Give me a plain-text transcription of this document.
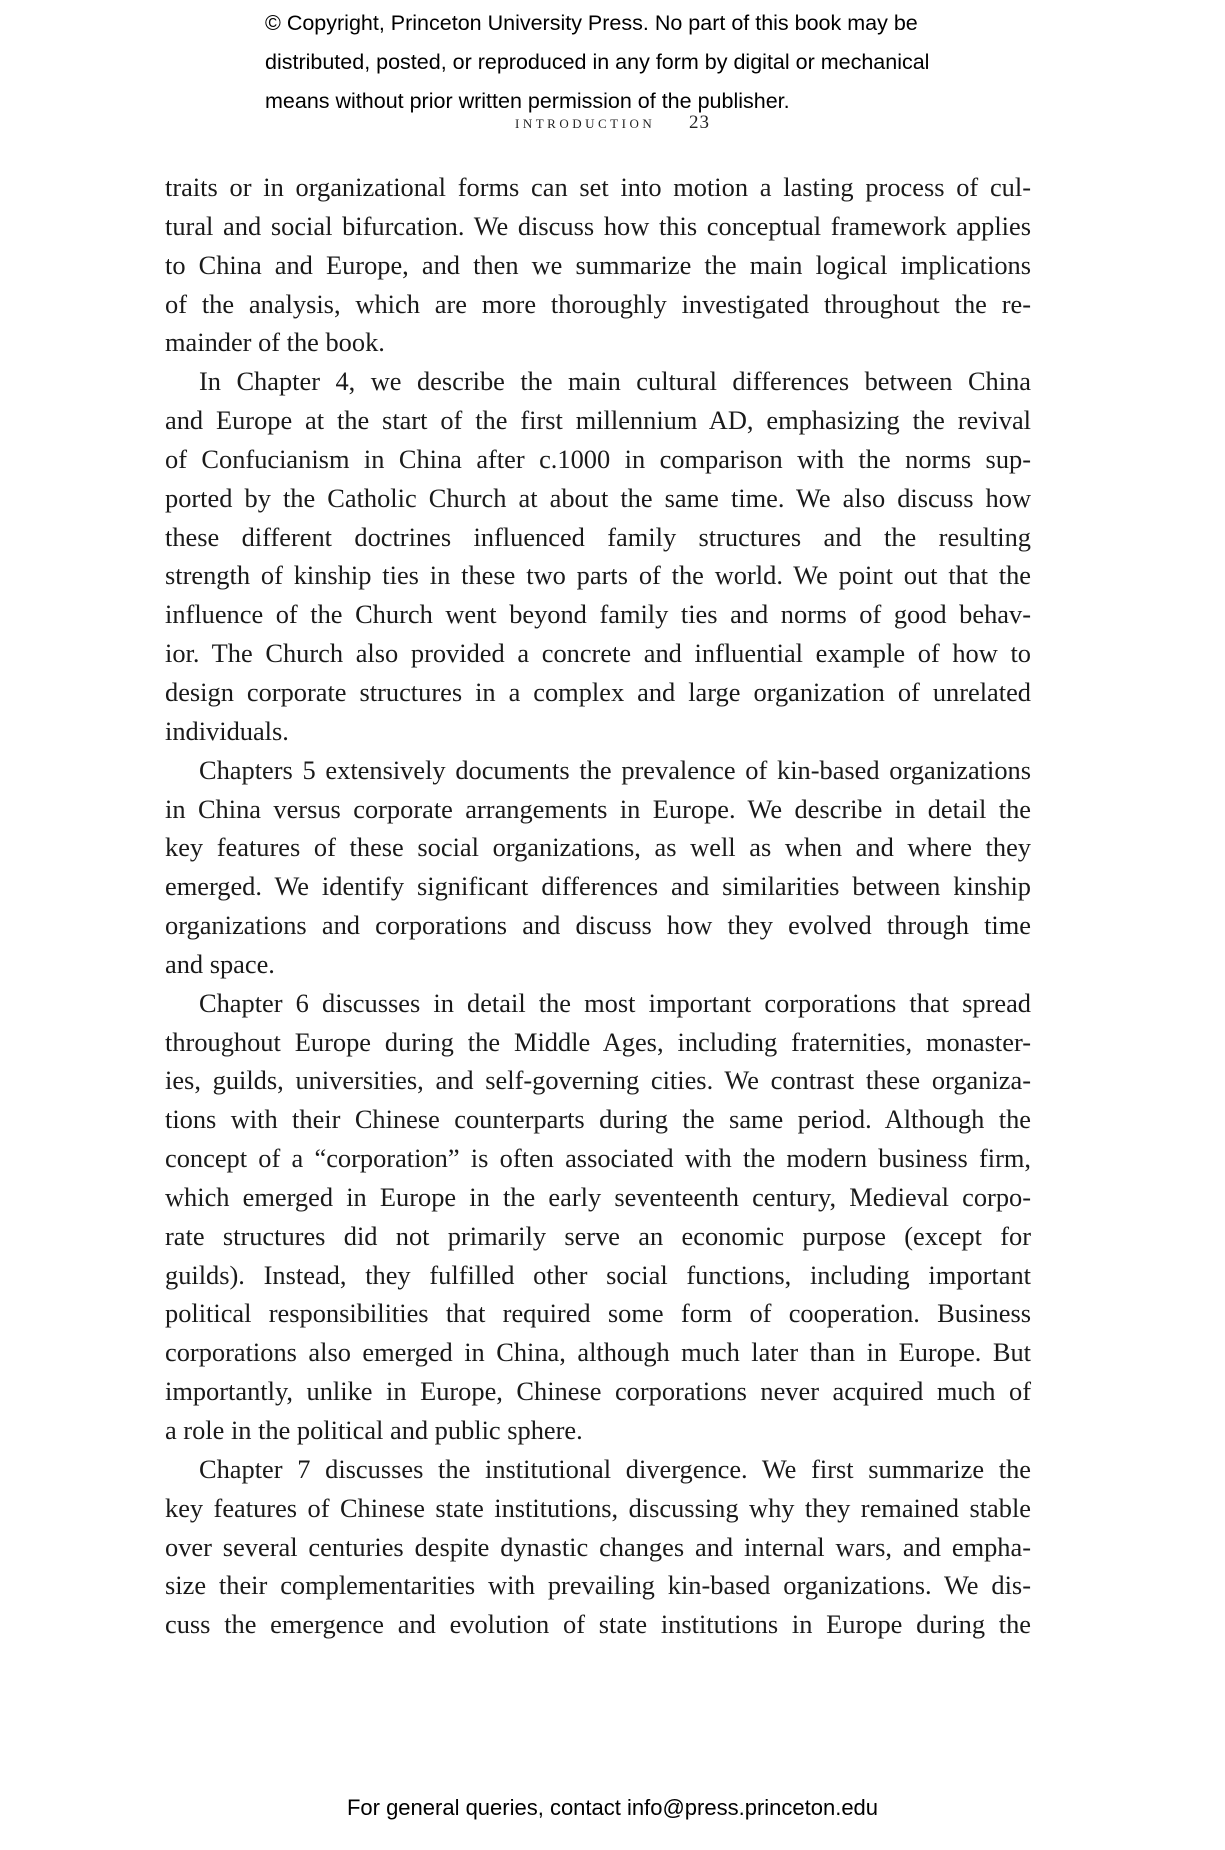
© Copyright, Princeton University Press. No part of this book may be
distributed, posted, or reproduced in any form by digital or mechanical
means without prior written permission of the publisher.
introduction 23
traits or in organizational forms can set into motion a lasting process of cul-
tural and social bifurcation. We discuss how this conceptual framework applies
to China and Europe, and then we summarize the main logical implications
of the analysis, which are more thoroughly investigated throughout the re-
mainder of the book.
In Chapter 4, we describe the main cultural differences between China
and Europe at the start of the first millennium AD, emphasizing the revival
of Confucianism in China after c.1000 in comparison with the norms sup-
ported by the Catholic Church at about the same time. We also discuss how
these different doctrines influenced family structures and the resulting
strength of kinship ties in these two parts of the world. We point out that the
influence of the Church went beyond family ties and norms of good behav-
ior. The Church also provided a concrete and influential example of how to
design corporate structures in a complex and large organization of unrelated
individuals.
Chapters 5 extensively documents the prevalence of kin-based organizations
in China versus corporate arrangements in Europe. We describe in detail the
key features of these social organizations, as well as when and where they
emerged. We identify significant differences and similarities between kinship
organizations and corporations and discuss how they evolved through time
and space.
Chapter 6 discusses in detail the most important corporations that spread
throughout Europe during the Middle Ages, including fraternities, monaster-
ies, guilds, universities, and self-governing cities. We contrast these organiza-
tions with their Chinese counterparts during the same period. Although the
concept of a “corporation” is often associated with the modern business firm,
which emerged in Europe in the early seventeenth century, Medieval corpo-
rate structures did not primarily serve an economic purpose (except for
guilds). Instead, they fulfilled other social functions, including important
political responsibilities that required some form of cooperation. Business
corporations also emerged in China, although much later than in Europe. But
importantly, unlike in Europe, Chinese corporations never acquired much of
a role in the political and public sphere.
Chapter 7 discusses the institutional divergence. We first summarize the
key features of Chinese state institutions, discussing why they remained stable
over several centuries despite dynastic changes and internal wars, and empha-
size their complementarities with prevailing kin-based organizations. We dis-
cuss the emergence and evolution of state institutions in Europe during the
For general queries, contact info@press.princeton.edu
